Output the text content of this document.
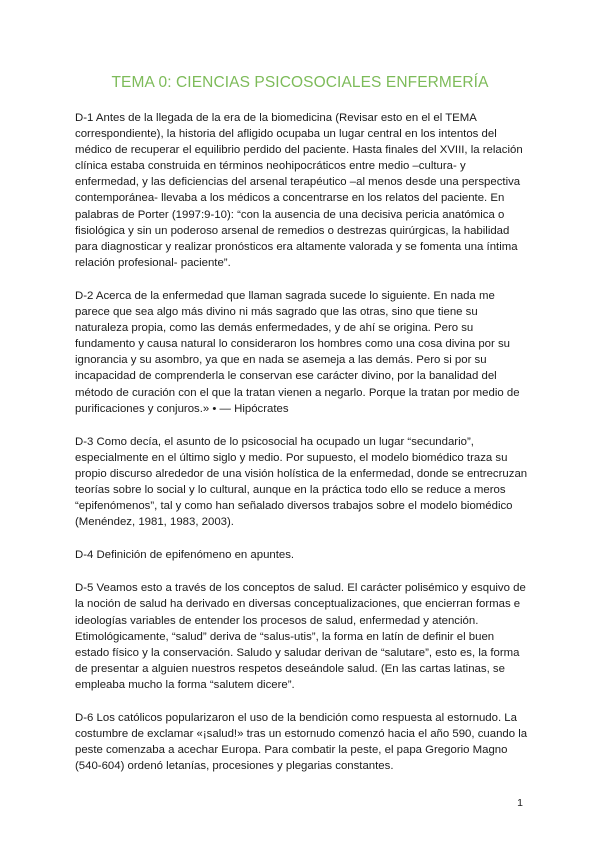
TEMA 0: CIENCIAS PSICOSOCIALES ENFERMERÍA

D-1 Antes de la llegada de la era de la biomedicina (Revisar esto en el el TEMA correspondiente), la historia del afligido ocupaba un lugar central en los intentos del médico de recuperar el equilibrio perdido del paciente. Hasta finales del XVIII, la relación clínica estaba construida en términos neohipocráticos entre medio –cultura- y enfermedad, y las deficiencias del arsenal terapéutico –al menos desde una perspectiva contemporánea- llevaba a los médicos a concentrarse en los relatos del paciente. En palabras de Porter (1997:9-10): “con la ausencia de una decisiva pericia anatómica o fisiológica y sin un poderoso arsenal de remedios o destrezas quirúrgicas, la habilidad para diagnosticar y realizar pronósticos era altamente valorada y se fomenta una íntima relación profesional- paciente”.

D-2 Acerca de la enfermedad que llaman sagrada sucede lo siguiente. En nada me parece que sea algo más divino ni más sagrado que las otras, sino que tiene su naturaleza propia, como las demás enfermedades, y de ahí se origina. Pero su fundamento y causa natural lo consideraron los hombres como una cosa divina por su ignorancia y su asombro, ya que en nada se asemeja a las demás. Pero si por su incapacidad de comprenderla le conservan ese carácter divino, por la banalidad del método de curación con el que la tratan vienen a negarlo. Porque la tratan por medio de purificaciones y conjuros.» • — Hipócrates

D-3 Como decía, el asunto de lo psicosocial ha ocupado un lugar “secundario”, especialmente en el último siglo y medio. Por supuesto, el modelo biomédico traza su propio discurso alrededor de una visión holística de la enfermedad, donde se entrecruzan teorías sobre lo social y lo cultural, aunque en la práctica todo ello se reduce a meros “epifenómenos”, tal y como han señalado diversos trabajos sobre el modelo biomédico (Menéndez, 1981, 1983, 2003).

D-4 Definición de epifenómeno en apuntes.

D-5 Veamos esto a través de los conceptos de salud. El carácter polisémico y esquivo de la noción de salud ha derivado en diversas conceptualizaciones, que encierran formas e ideologías variables de entender los procesos de salud, enfermedad y atención. Etimológicamente, “salud” deriva de “salus-utis”, la forma en latín de definir el buen estado físico y la conservación. Saludo y saludar derivan de “salutare”, esto es, la forma de presentar a alguien nuestros respetos deseándole salud. (En las cartas latinas, se empleaba mucho la forma “salutem dicere”.

D-6 Los católicos popularizaron el uso de la bendición como respuesta al estornudo. La costumbre de exclamar «¡salud!» tras un estornudo comenzó hacia el año 590, cuando la peste comenzaba a acechar Europa. Para combatir la peste, el papa Gregorio Magno (540-604) ordenó letanías, procesiones y plegarias constantes.

1
